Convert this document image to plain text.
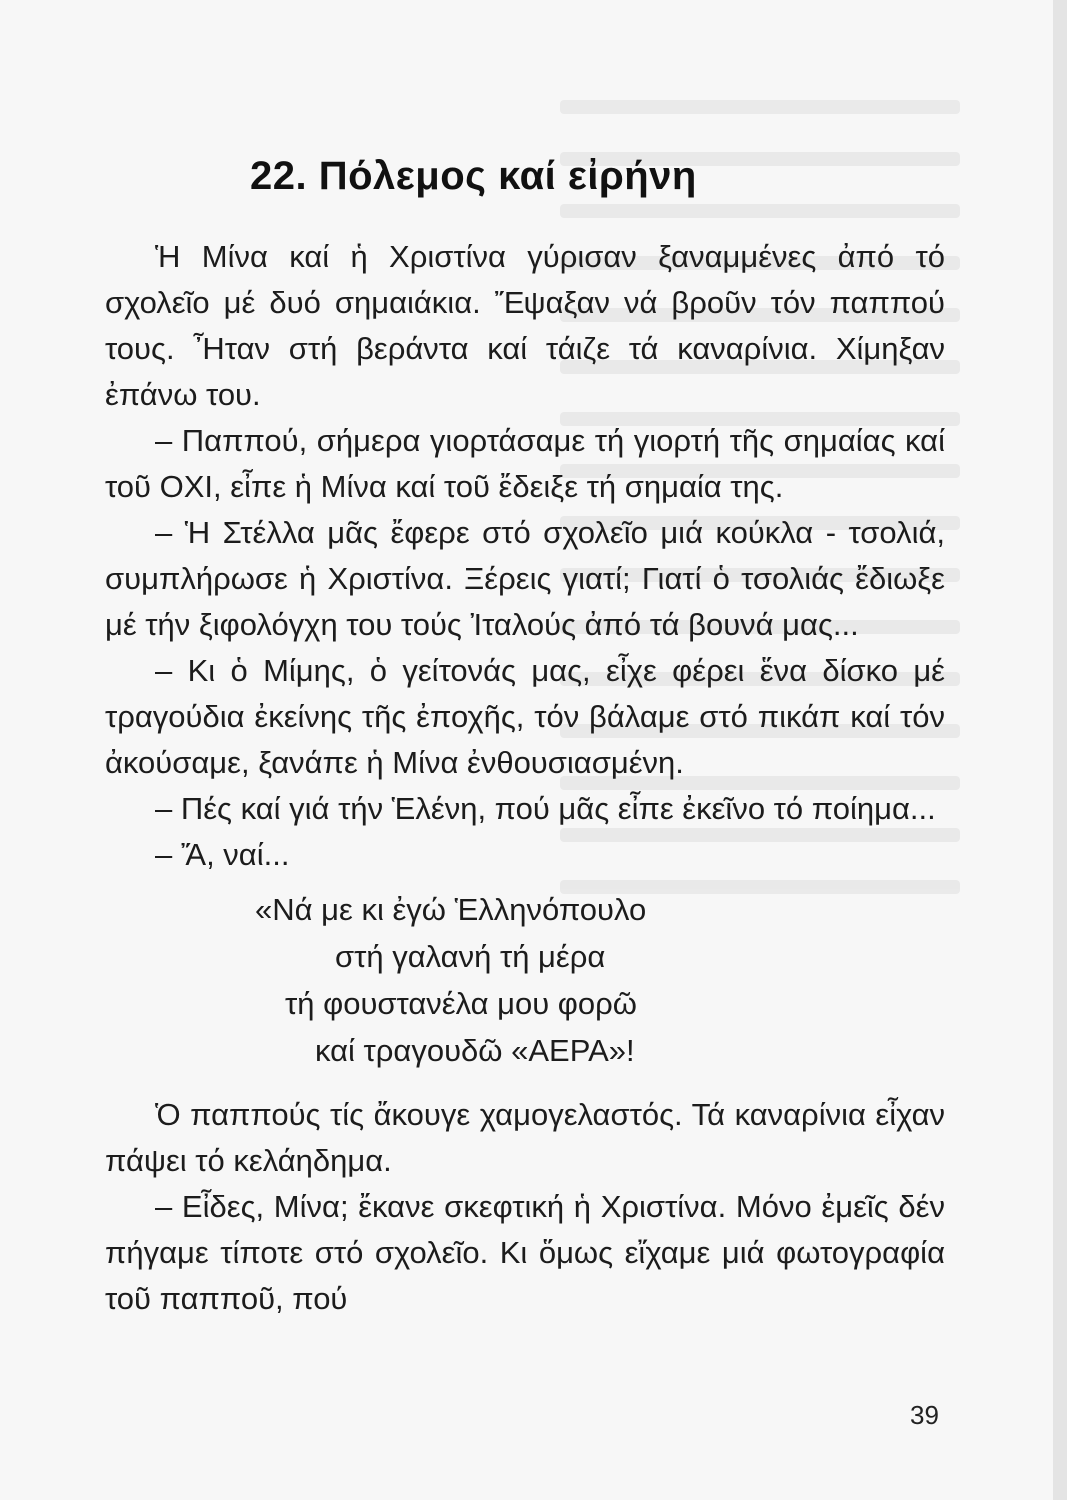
22. Πόλεμος καί εἰρήνη

Ἡ Μίνα καί ἡ Χριστίνα γύρισαν ξαναμμένες ἀπό τό σχολεῖο μέ δυό σημαιάκια. Ἔψαξαν νά βροῦν τόν παππού τους. Ἦταν στή βεράντα καί τάιζε τά καναρίνια. Χίμηξαν ἐπάνω του.

– Παππού, σήμερα γιορτάσαμε τή γιορτή τῆς σημαίας καί τοῦ ΟΧΙ, εἶπε ἡ Μίνα καί τοῦ ἔδειξε τή σημαία της.

– Ἡ Στέλλα μᾶς ἔφερε στό σχολεῖο μιά κούκλα - τσολιά, συμπλήρωσε ἡ Χριστίνα. Ξέρεις γιατί; Γιατί ὁ τσολιάς ἔδιωξε μέ τήν ξιφολόγχη του τούς Ἰταλούς ἀπό τά βουνά μας...

– Κι ὁ Μίμης, ὁ γείτονάς μας, εἶχε φέρει ἕνα δίσκο μέ τραγούδια ἐκείνης τῆς ἐποχῆς, τόν βάλαμε στό πικάπ καί τόν ἀκούσαμε, ξανάπε ἡ Μίνα ἐνθουσιασμένη.

– Πές καί γιά τήν Ἑλένη, πού μᾶς εἶπε ἐκεῖνο τό ποίημα...

– Ἄ, ναί...

«Νά με κι ἐγώ Ἑλληνόπουλο
στή γαλανή τή μέρα
τή φουστανέλα μου φορῶ
καί τραγουδῶ «ΑΕΡΑ»!

Ὁ παππούς τίς ἄκουγε χαμογελαστός. Τά καναρίνια εἶχαν πάψει τό κελάηδημα.

– Εἶδες, Μίνα; ἔκανε σκεφτική ἡ Χριστίνα. Μόνο ἐμεῖς δέν πήγαμε τίποτε στό σχολεῖο. Κι ὅμως εἴχαμε μιά φωτογραφία τοῦ παπποῦ, πού

39
